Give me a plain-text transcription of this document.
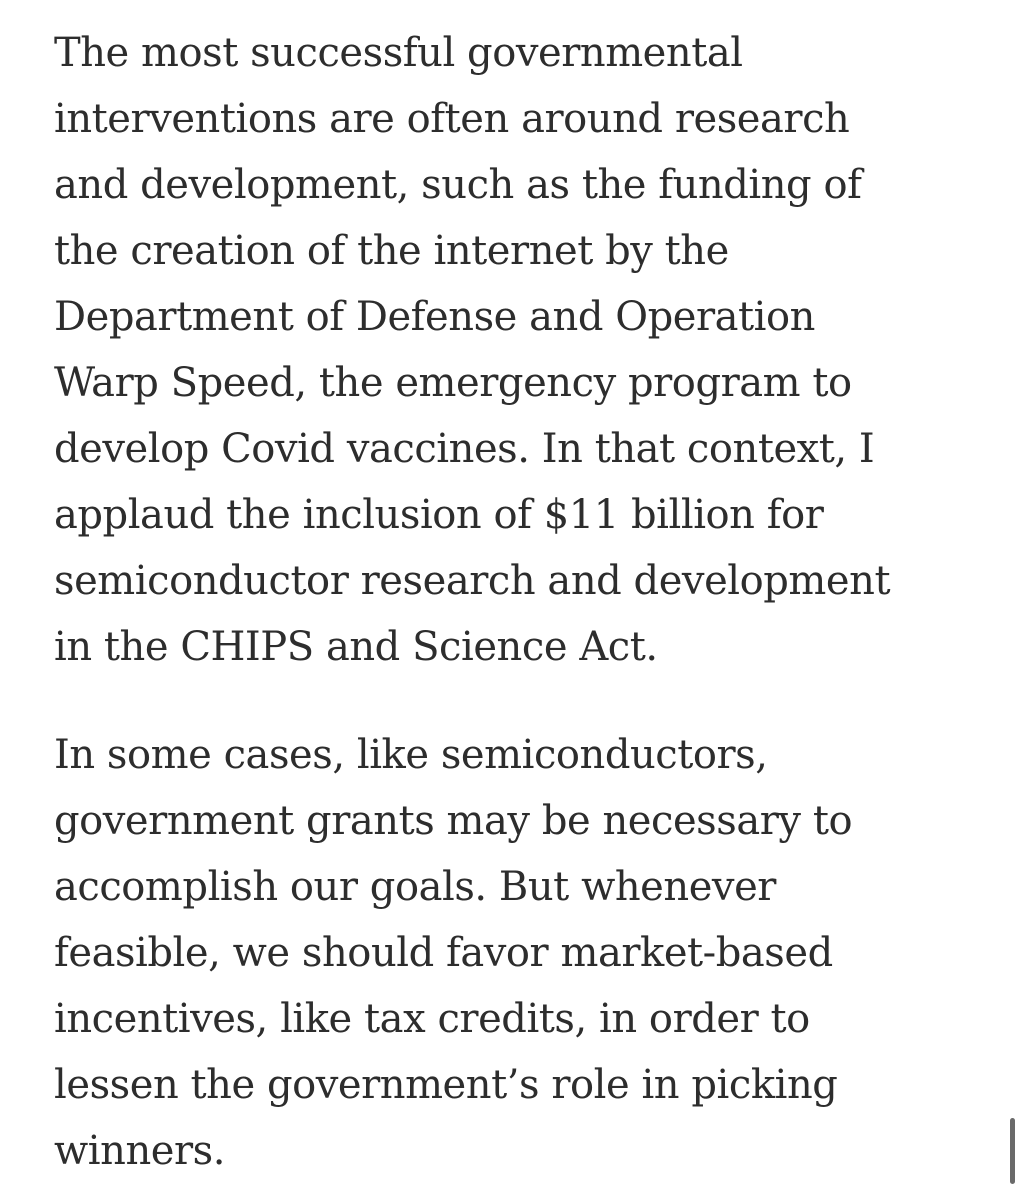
The most successful governmental
interventions are often around research
and development, such as the funding of
the creation of the internet by the
Department of Defense and Operation
Warp Speed, the emergency program to
develop Covid vaccines. In that context, I
applaud the inclusion of $11 billion for
semiconductor research and development
in the CHIPS and Science Act.

In some cases, like semiconductors,
government grants may be necessary to
accomplish our goals. But whenever
feasible, we should favor market-based
incentives, like tax credits, in order to
lessen the government’s role in picking
winners.
